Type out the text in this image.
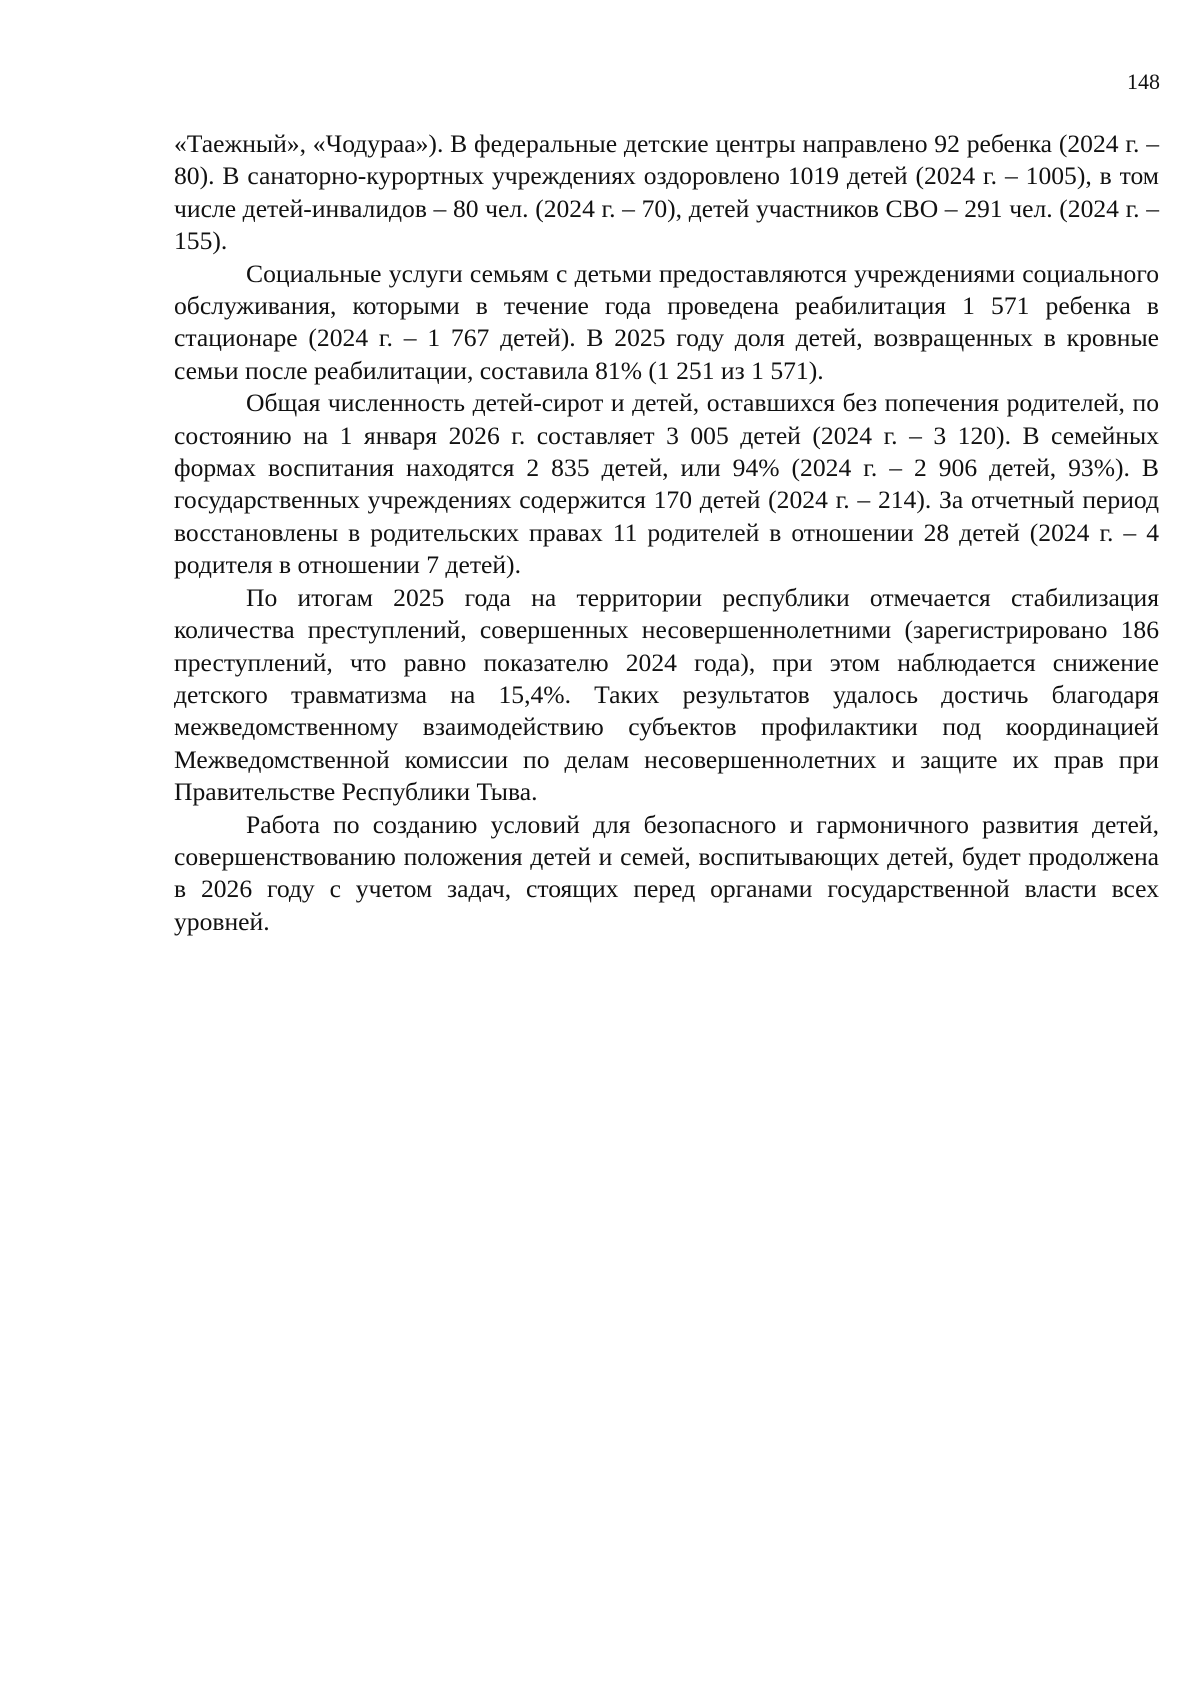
148

«Таежный», «Чодураа»). В федеральные детские центры направлено 92 ребенка (2024 г. – 80). В санаторно-курортных учреждениях оздоровлено 1019 детей (2024 г. – 1005), в том числе детей-инвалидов – 80 чел. (2024 г. – 70), детей участников СВО – 291 чел. (2024 г. – 155).

Социальные услуги семьям с детьми предоставляются учреждениями социального обслуживания, которыми в течение года проведена реабилитация 1 571 ребенка в стационаре (2024 г. – 1 767 детей). В 2025 году доля детей, возвращенных в кровные семьи после реабилитации, составила 81% (1 251 из 1 571).

Общая численность детей-сирот и детей, оставшихся без попечения родителей, по состоянию на 1 января 2026 г. составляет 3 005 детей (2024 г. – 3 120). В семейных формах воспитания находятся 2 835 детей, или 94% (2024 г. – 2 906 детей, 93%). В государственных учреждениях содержится 170 детей (2024 г. – 214). За отчетный период восстановлены в родительских правах 11 родителей в отношении 28 детей (2024 г. – 4 родителя в отношении 7 детей).

По итогам 2025 года на территории республики отмечается стабилизация количества преступлений, совершенных несовершеннолетними (зарегистрировано 186 преступлений, что равно показателю 2024 года), при этом наблюдается снижение детского травматизма на 15,4%. Таких результатов удалось достичь благодаря межведомственному взаимодействию субъектов профилактики под координацией Межведомственной комиссии по делам несовершеннолетних и защите их прав при Правительстве Республики Тыва.

Работа по созданию условий для безопасного и гармоничного развития детей, совершенствованию положения детей и семей, воспитывающих детей, будет продолжена в 2026 году с учетом задач, стоящих перед органами государственной власти всех уровней.
